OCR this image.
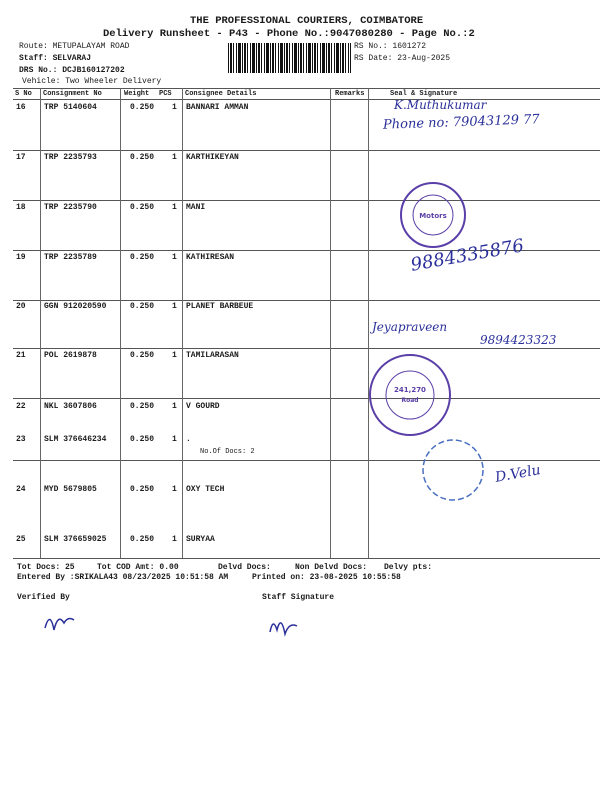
THE PROFESSIONAL COURIERS, COIMBATORE
Delivery Runsheet - P43 - Phone No.:9047080280 - Page No.:2
Route: METUPALAYAM ROAD
Staff: SELVARAJ
DRS No.: DCJB160127202
Vehicle: Two Wheeler Delivery
RS No.: 1601272
RS Date: 23-Aug-2025
S No Consignment No	Weight PCS Consignee Details	Remarks	Seal & Signature
16 TRP 5140604	0.250 1 BANNARI AMMAN
17 TRP 2235793	0.250 1 KARTHIKEYAN
18 TRP 2235790	0.250 1 MANI
19 TRP 2235789	0.250 1 KATHIRESAN
20 GGN 912020590	0.250 1 PLANET BARBEUE
21 POL 2619878	0.250 1 TAMILARASAN
22 NKL 3607806	0.250 1 V GOURD
23 SLM 376646234	0.250 1 .
No.Of Docs: 2
24 MYD 5679805	0.250 1 OXY TECH
25 SLM 376659025	0.250 1 SURYAA
Motors
241,270
Road
K.Muthukumar
Phone no: 79043129 77
9884335876
Jeyapraveen
9894423323
D.Velu
Tot Docs: 25	Tot COD Amt: 0.00	Delvd Docs:	Non Delvd Docs: Delvy pts:
Entered By :SRIKALA43 08/23/2025 10:51:58 AM	Printed on: 23-08-2025 10:55:58
Verified By	Staff Signature
